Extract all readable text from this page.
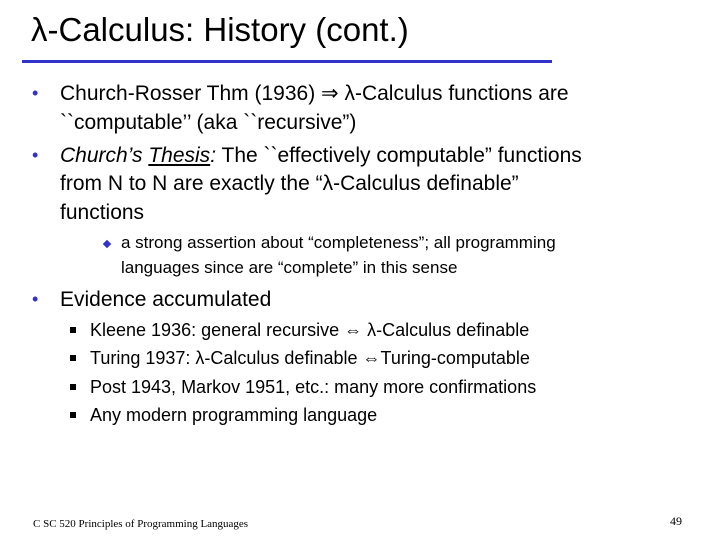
λ-Calculus: History (cont.)
• Church-Rosser Thm (1936) ⇒ λ-Calculus functions are
``computable’’ (aka ``recursive”)
• Church’s Thesis: The ``effectively computable” functions
from N to N are exactly the “λ-Calculus definable”
functions
a strong assertion about “completeness”; all programming
languages since are “complete” in this sense
• Evidence accumulated
Kleene 1936: general recursive ⇔ λ-Calculus definable
Turing 1937: λ-Calculus definable ⇔Turing-computable
Post 1943, Markov 1951, etc.: many more confirmations
Any modern programming language
C SC 520 Principles of Programming Languages	49
